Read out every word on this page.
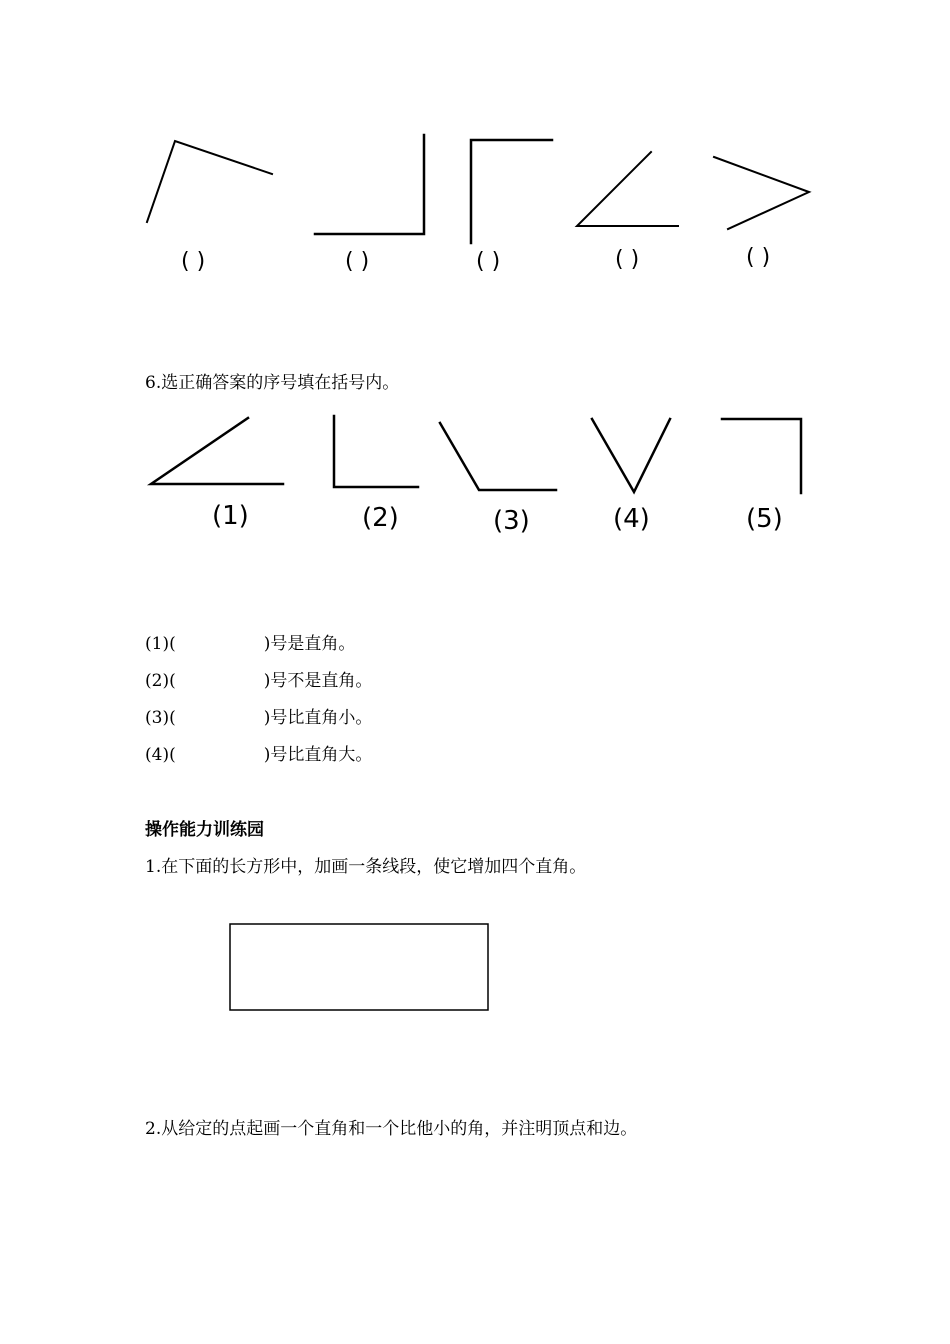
( )	( )	( )	( )	( )
6.选正确答案的序号填在括号内。
(1)	(2)	(3)	(4)	(5)
(1)(	)号是直角。
(2)(	)号不是直角。
(3)(	)号比直角小。
(4)(	)号比直角大。
操作能力训练园
1.在下面的长方形中，加画一条线段，使它增加四个直角。
2.从给定的点起画一个直角和一个比他小的角，并注明顶点和边。
